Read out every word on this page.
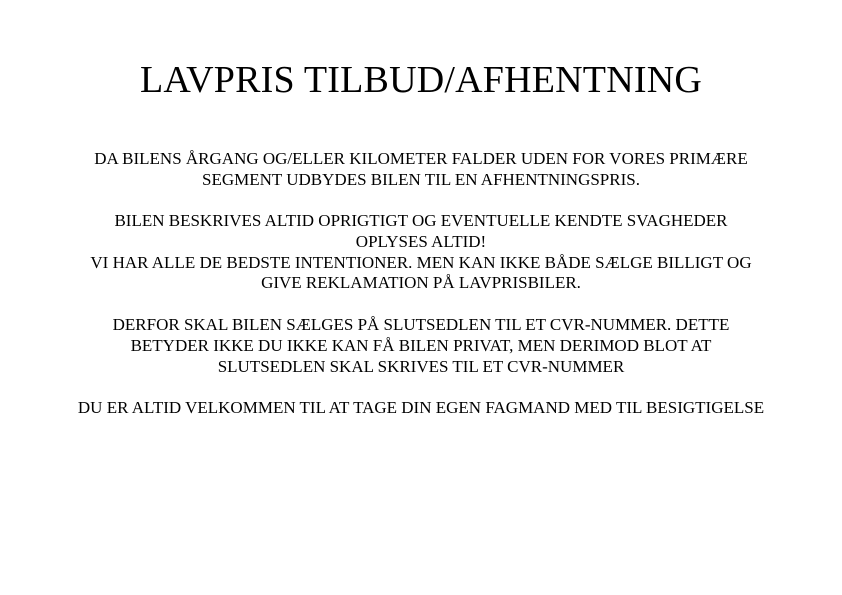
LAVPRIS TILBUD/AFHENTNING

DA BILENS ÅRGANG OG/ELLER KILOMETER FALDER UDEN FOR VORES PRIMÆRE
SEGMENT UDBYDES BILEN TIL EN AFHENTNINGSPRIS.

BILEN BESKRIVES ALTID OPRIGTIGT OG EVENTUELLE KENDTE SVAGHEDER
OPLYSES ALTID!
VI HAR ALLE DE BEDSTE INTENTIONER. MEN KAN IKKE BÅDE SÆLGE BILLIGT OG
GIVE REKLAMATION PÅ LAVPRISBILER.

DERFOR SKAL BILEN SÆLGES PÅ SLUTSEDLEN TIL ET CVR-NUMMER. DETTE
BETYDER IKKE DU IKKE KAN FÅ BILEN PRIVAT, MEN DERIMOD BLOT AT
SLUTSEDLEN SKAL SKRIVES TIL ET CVR-NUMMER

DU ER ALTID VELKOMMEN TIL AT TAGE DIN EGEN FAGMAND MED TIL BESIGTIGELSE
